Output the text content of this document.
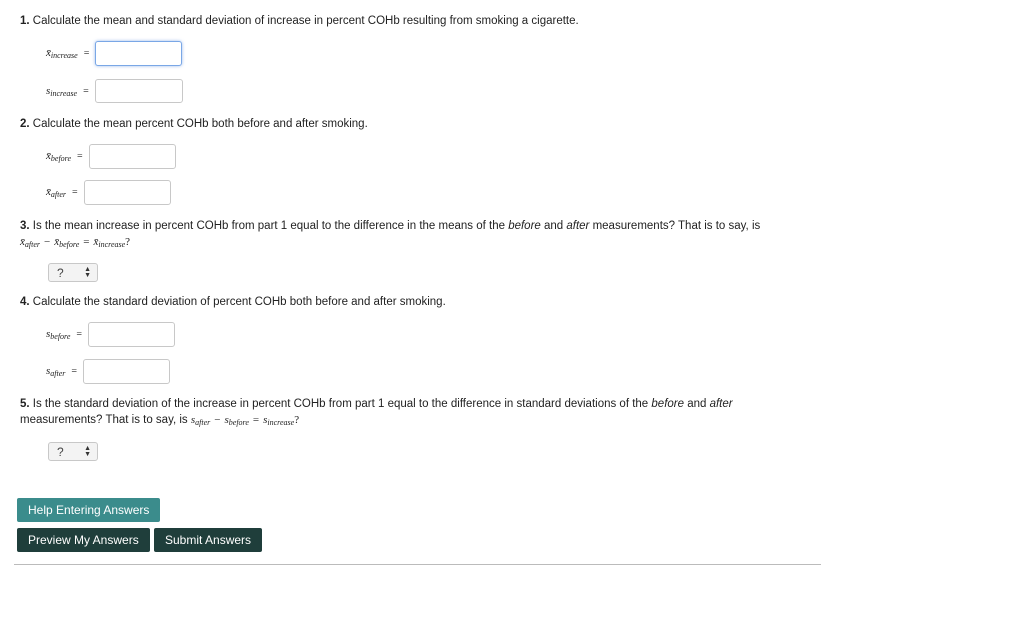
1. Calculate the mean and standard deviation of increase in percent COHb resulting from smoking a cigarette.
$x̄_{increase}$ =
$s_{increase}$ =
2. Calculate the mean percent COHb both before and after smoking.
$x̄_{before}$ =
$x̄_{after}$ =
3. Is the mean increase in percent COHb from part 1 equal to the difference in the means of the before and after measurements? That is to say, is
$x̄_{after}$ − $x̄_{before}$ = $x̄_{increase}$?
?	▲
▼
4. Calculate the standard deviation of percent COHb both before and after smoking.
$s_{before}$ =
$s_{after}$ =
5. Is the standard deviation of the increase in percent COHb from part 1 equal to the difference in standard deviations of the before and after
measurements? That is to say, is $s_{after} - s_{before} = s_{increase}$?
?	▲
▼
Help Entering Answers
Preview My Answers	Submit Answers
